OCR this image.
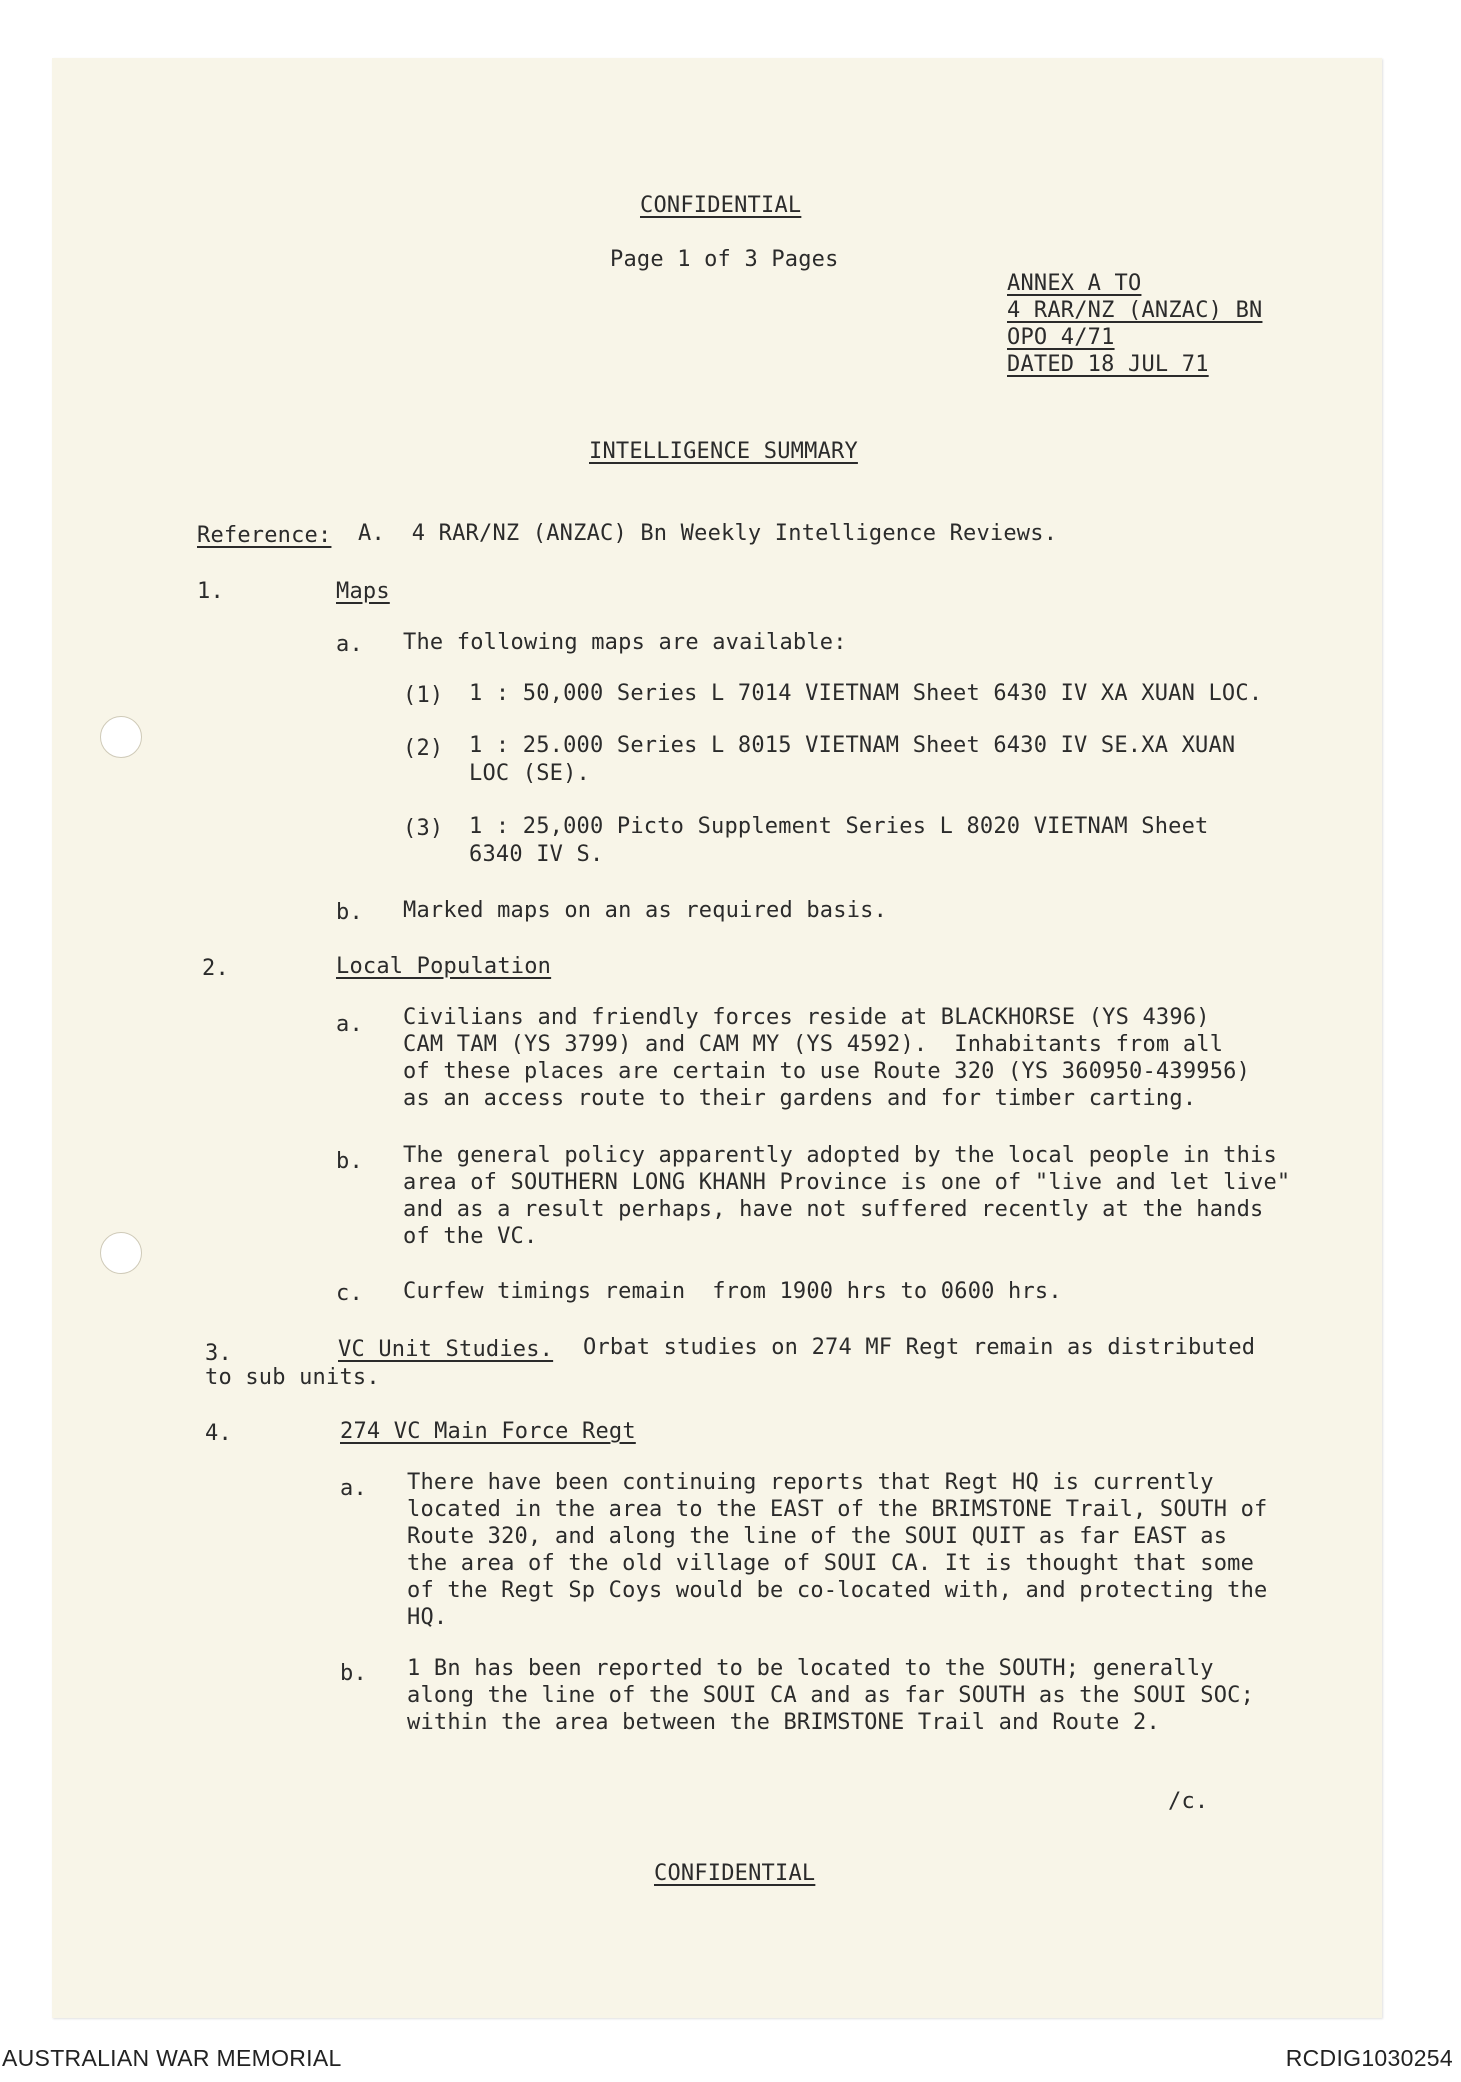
CONFIDENTIAL
Page 1 of 3 Pages
ANNEX A TO
4 RAR/NZ (ANZAC) BN
OPO 4/71
DATED 18 JUL 71
INTELLIGENCE SUMMARY
Reference: A.  4 RAR/NZ (ANZAC) Bn Weekly Intelligence Reviews.
1.	Maps
a. The following maps are available:
(1) 1 : 50,000 Series L 7014 VIETNAM Sheet 6430 IV XA XUAN LOC.
(2) 1 : 25.000 Series L 8015 VIETNAM Sheet 6430 IV SE.XA XUAN
LOC (SE).
(3) 1 : 25,000 Picto Supplement Series L 8020 VIETNAM Sheet
6340 IV S.
b. Marked maps on an as required basis.
2.	Local Population
a. Civilians and friendly forces reside at BLACKHORSE (YS 4396)
CAM TAM (YS 3799) and CAM MY (YS 4592).  Inhabitants from all
of these places are certain to use Route 320 (YS 360950-439956)
as an access route to their gardens and for timber carting.
b. The general policy apparently adopted by the local people in this
area of SOUTHERN LONG KHANH Province is one of "live and let live"
and as a result perhaps, have not suffered recently at the hands
of the VC.
c. Curfew timings remain  from 1900 hrs to 0600 hrs.
3.	VC Unit Studies. Orbat studies on 274 MF Regt remain as distributed
to sub units.
4.	274 VC Main Force Regt
a. There have been continuing reports that Regt HQ is currently
located in the area to the EAST of the BRIMSTONE Trail, SOUTH of
Route 320, and along the line of the SOUI QUIT as far EAST as
the area of the old village of SOUI CA. It is thought that some
of the Regt Sp Coys would be co-located with, and protecting the
HQ.
b. 1 Bn has been reported to be located to the SOUTH; generally
along the line of the SOUI CA and as far SOUTH as the SOUI SOC;
within the area between the BRIMSTONE Trail and Route 2.
/c.
CONFIDENTIAL
AUSTRALIAN WAR MEMORIAL	RCDIG1030254
